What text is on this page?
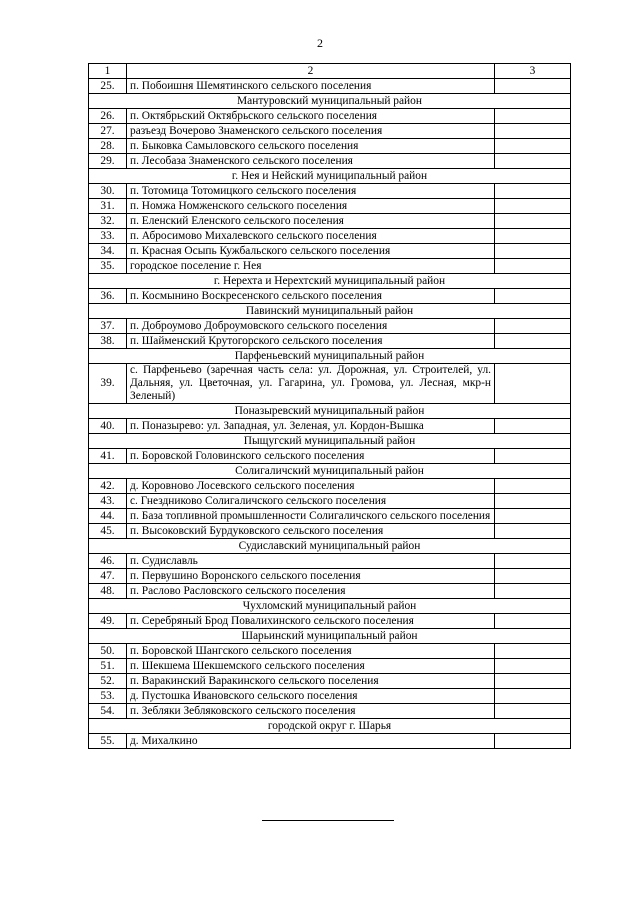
2
1	2	3
25.	п. Побоишня Шемятинского сельского поселения	
Мантуровский муниципальный район		
26.	п. Октябрьский Октябрьского сельского поселения	
27.	разъезд Вочерово Знаменского сельского поселения	
28.	п. Быковка Самыловского сельского поселения	
29.	п. Лесобаза Знаменского сельского поселения	
г. Нея и Нейский муниципальный район		
30.	п. Тотомица Тотомицкого сельского поселения	
31.	п. Номжа Номженского сельского поселения	
32.	п. Еленский Еленского сельского поселения	
33.	п. Абросимово Михалевского сельского поселения	
34.	п. Красная Осыпь Кужбальского сельского поселения	
35.	городское поселение г. Нея	
г. Нерехта и Нерехтский муниципальный район		
36.	п. Космынино Воскресенского сельского поселения	
Павинский муниципальный район		
37.	п. Доброумово Доброумовского сельского поселения	
38.	п. Шайменский Крутогорского сельского поселения	
Парфеньевский муниципальный район		
39.	с. Парфеньево (заречная часть села: ул. Дорожная, ул. Строителей, ул. Дальняя, ул. Цветочная, ул. Гагарина, ул. Громова, ул. Лесная, мкр-н Зеленый)	
Поназыревский муниципальный район		
40.	п. Поназырево: ул. Западная, ул. Зеленая, ул. Кордон-Вышка	
Пыщугский муниципальный район		
41.	п. Боровской Головинского сельского поселения	
Солигаличский муниципальный район		
42.	д. Коровново Лосевского сельского поселения	
43.	с. Гнездниково Солигаличского сельского поселения	
44.	п. База топливной промышленности Солигаличского сельского поселения	
45.	п. Высоковский Бурдуковского сельского поселения	
Судиславский муниципальный район		
46.	п. Судиславль	
47.	п. Первушино Воронского сельского поселения	
48.	п. Раслово Расловского сельского поселения	
Чухломский муниципальный район		
49.	п. Серебряный Брод Повалихинского сельского поселения	
Шарьинский муниципальный район		
50.	п. Боровской Шангского сельского поселения	
51.	п. Шекшема Шекшемского сельского поселения	
52.	п. Варакинский Варакинского сельского поселения	
53.	д. Пустошка Ивановского сельского поселения	
54.	п. Зебляки Зебляковского сельского поселения	
городской округ г. Шарья		
55.	д. Михалкино	
